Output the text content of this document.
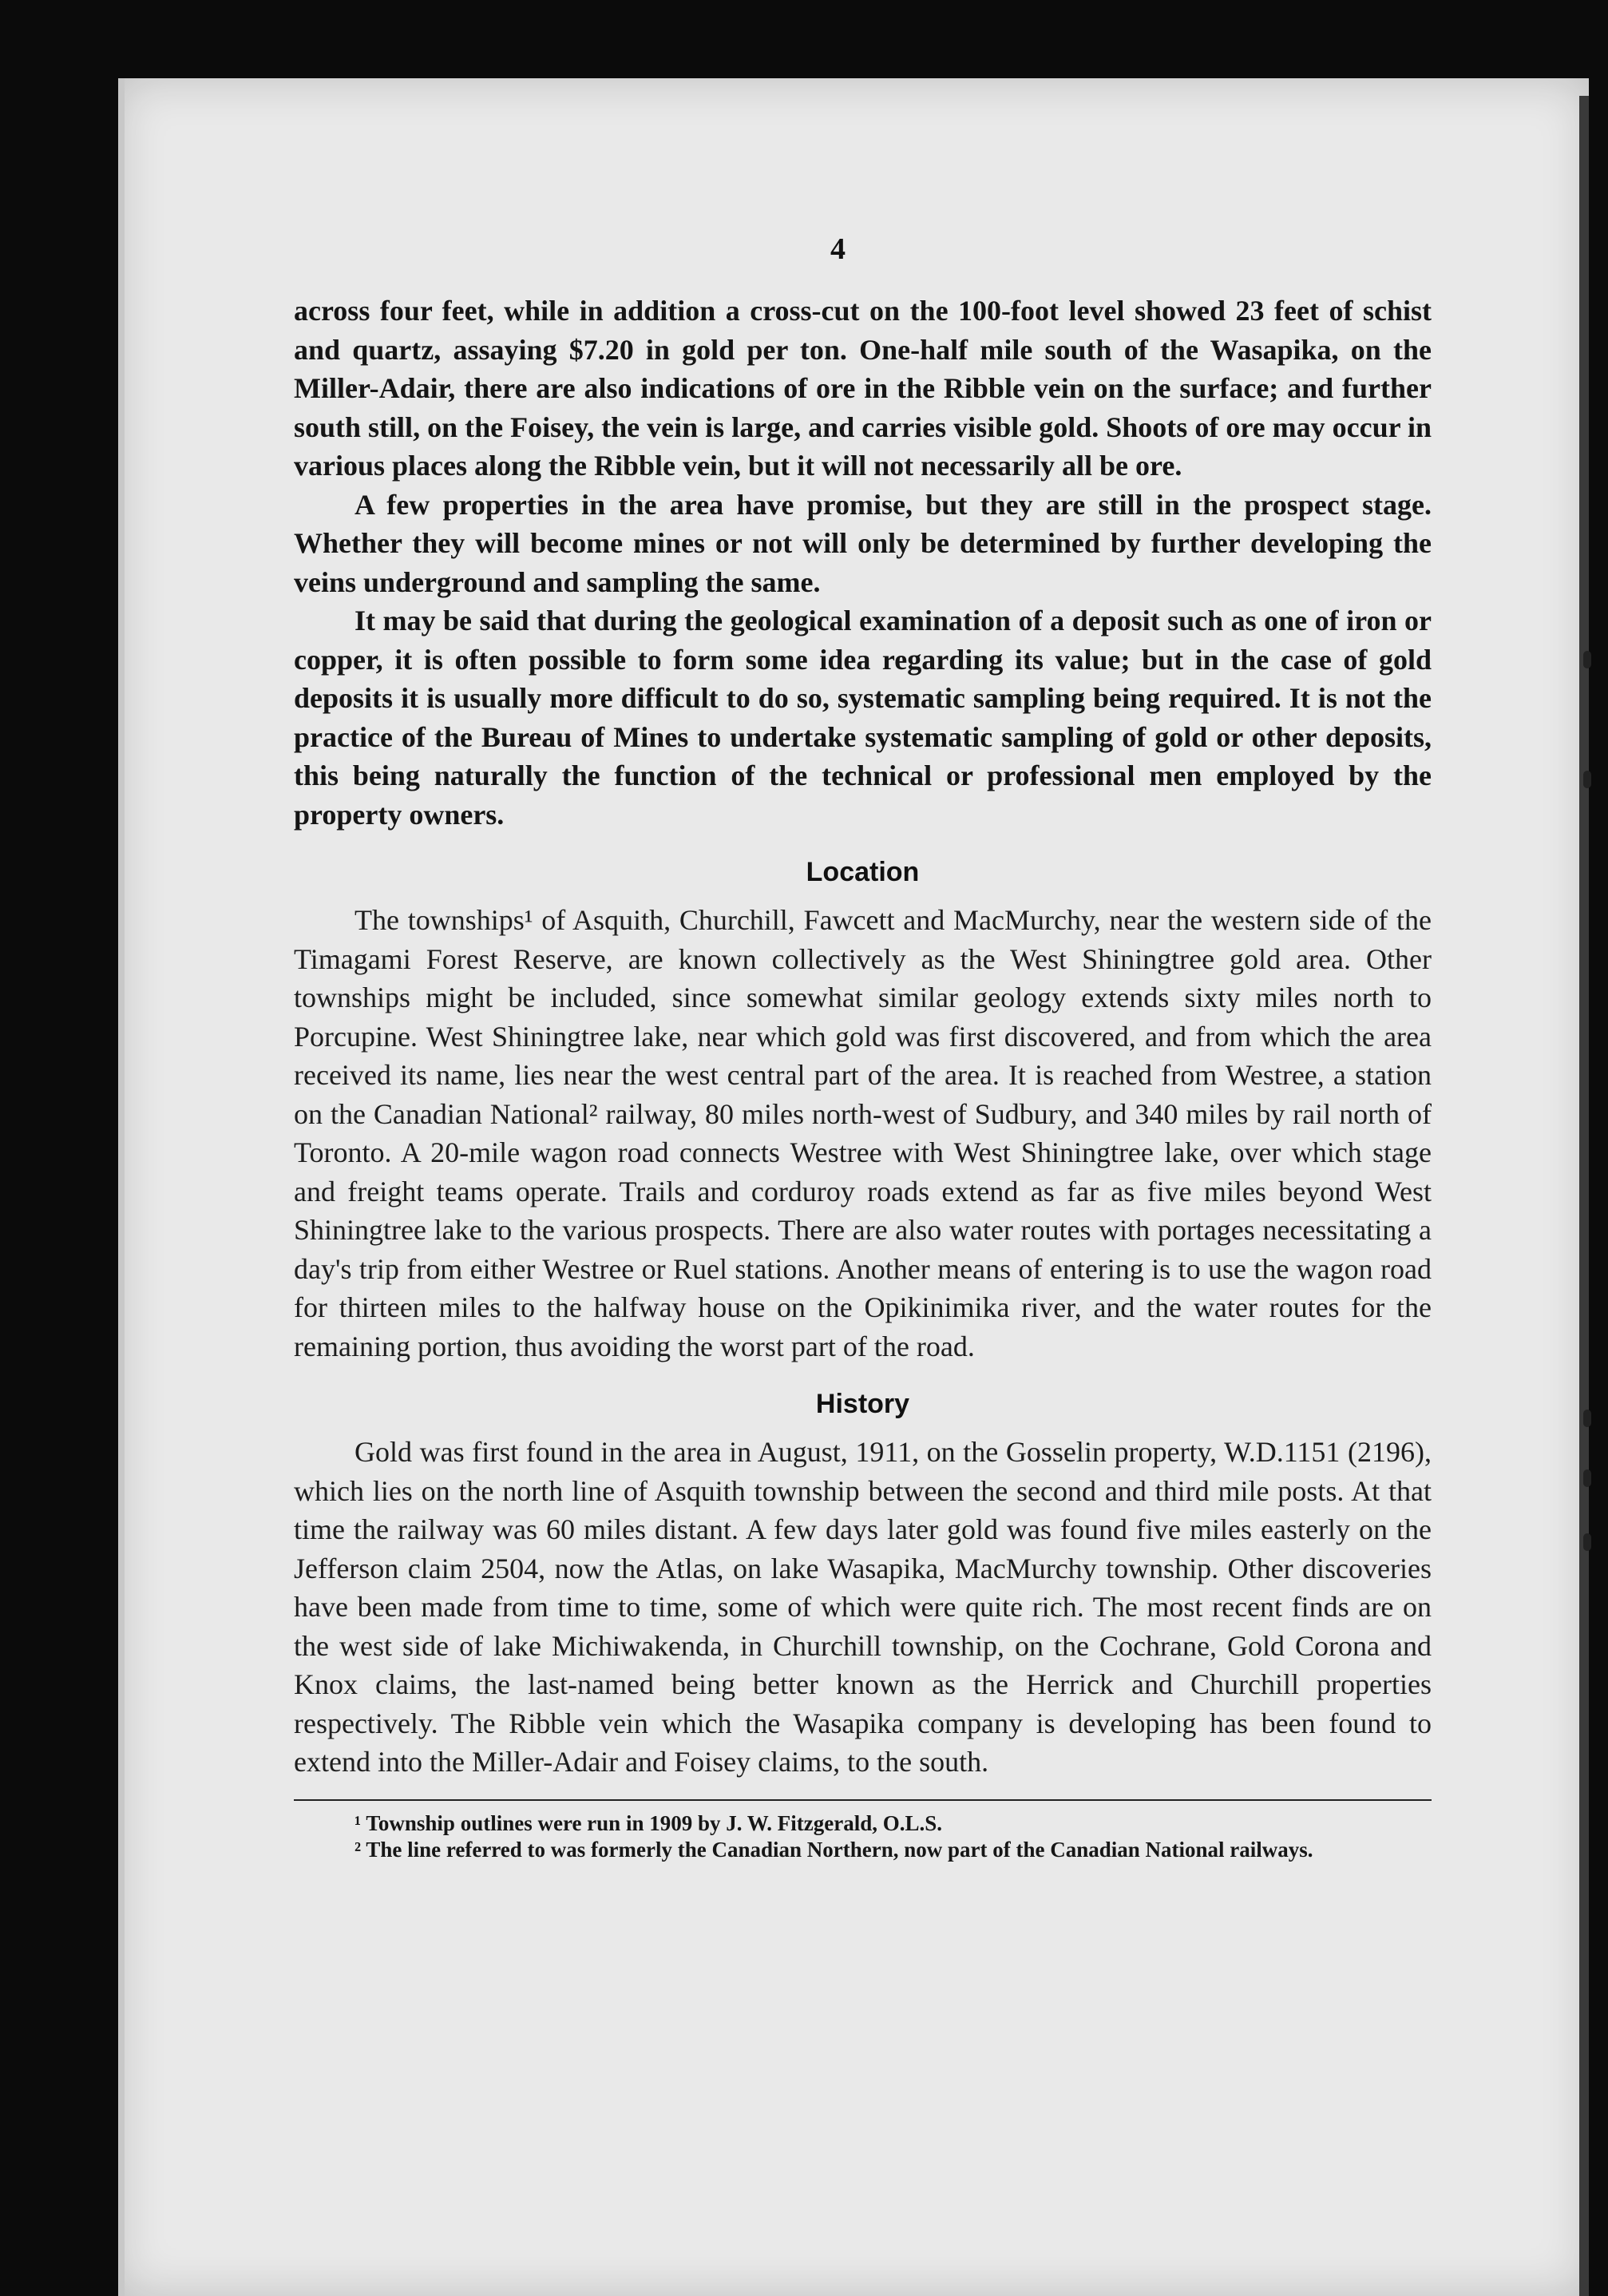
4

across four feet, while in addition a cross-cut on the 100-foot level showed 23 feet of schist and quartz, assaying $7.20 in gold per ton. One-half mile south of the Wasapika, on the Miller-Adair, there are also indications of ore in the Ribble vein on the surface; and further south still, on the Foisey, the vein is large, and carries visible gold. Shoots of ore may occur in various places along the Ribble vein, but it will not necessarily all be ore.

A few properties in the area have promise, but they are still in the prospect stage. Whether they will become mines or not will only be determined by further developing the veins underground and sampling the same.

It may be said that during the geological examination of a deposit such as one of iron or copper, it is often possible to form some idea regarding its value; but in the case of gold deposits it is usually more difficult to do so, systematic sampling being required. It is not the practice of the Bureau of Mines to undertake systematic sampling of gold or other deposits, this being naturally the function of the technical or professional men employed by the property owners.

Location

The townships¹ of Asquith, Churchill, Fawcett and MacMurchy, near the western side of the Timagami Forest Reserve, are known collectively as the West Shiningtree gold area. Other townships might be included, since somewhat similar geology extends sixty miles north to Porcupine. West Shiningtree lake, near which gold was first discovered, and from which the area received its name, lies near the west central part of the area. It is reached from Westree, a station on the Canadian National² railway, 80 miles north-west of Sudbury, and 340 miles by rail north of Toronto. A 20-mile wagon road connects Westree with West Shiningtree lake, over which stage and freight teams operate. Trails and corduroy roads extend as far as five miles beyond West Shiningtree lake to the various prospects. There are also water routes with portages necessitating a day's trip from either Westree or Ruel stations. Another means of entering is to use the wagon road for thirteen miles to the halfway house on the Opikinimika river, and the water routes for the remaining portion, thus avoiding the worst part of the road.

History

Gold was first found in the area in August, 1911, on the Gosselin property, W.D.1151 (2196), which lies on the north line of Asquith township between the second and third mile posts. At that time the railway was 60 miles distant. A few days later gold was found five miles easterly on the Jefferson claim 2504, now the Atlas, on lake Wasapika, MacMurchy township. Other discoveries have been made from time to time, some of which were quite rich. The most recent finds are on the west side of lake Michiwakenda, in Churchill township, on the Cochrane, Gold Corona and Knox claims, the last-named being better known as the Herrick and Churchill properties respectively. The Ribble vein which the Wasapika company is developing has been found to extend into the Miller-Adair and Foisey claims, to the south.

¹ Township outlines were run in 1909 by J. W. Fitzgerald, O.L.S.

² The line referred to was formerly the Canadian Northern, now part of the Canadian National railways.
